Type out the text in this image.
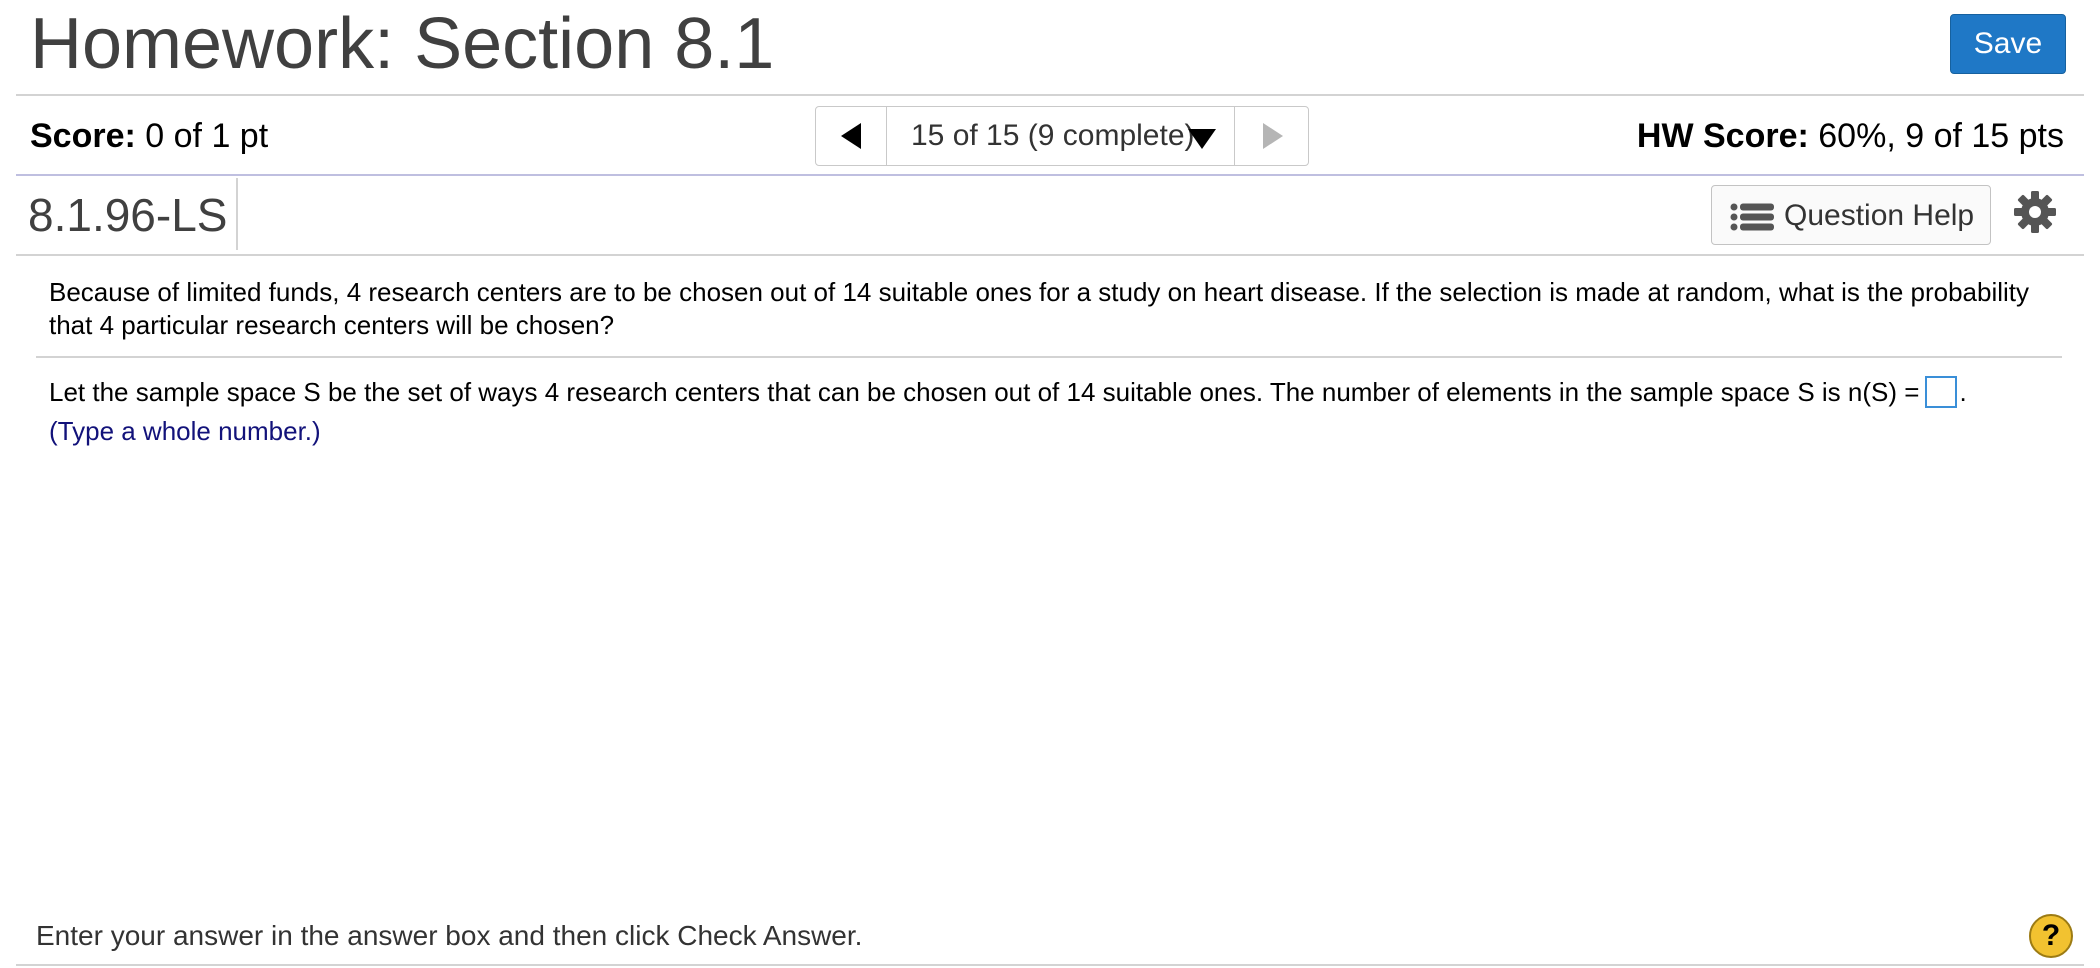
Homework: Section 8.1	Save
Score: 0 of 1 pt	15 of 15 (9 complete)	HW Score: 60%, 9 of 15 pts
8.1.96-LS	Question Help
Because of limited funds, 4 research centers are to be chosen out of 14 suitable ones for a study on heart disease. If the selection is made at random, what is the probability that 4 particular research centers will be chosen?
Let the sample space S be the set of ways 4 research centers that can be chosen out of 14 suitable ones. The number of elements in the sample space S is n(S) = .
(Type a whole number.)
Enter your answer in the answer box and then click Check Answer.	?
